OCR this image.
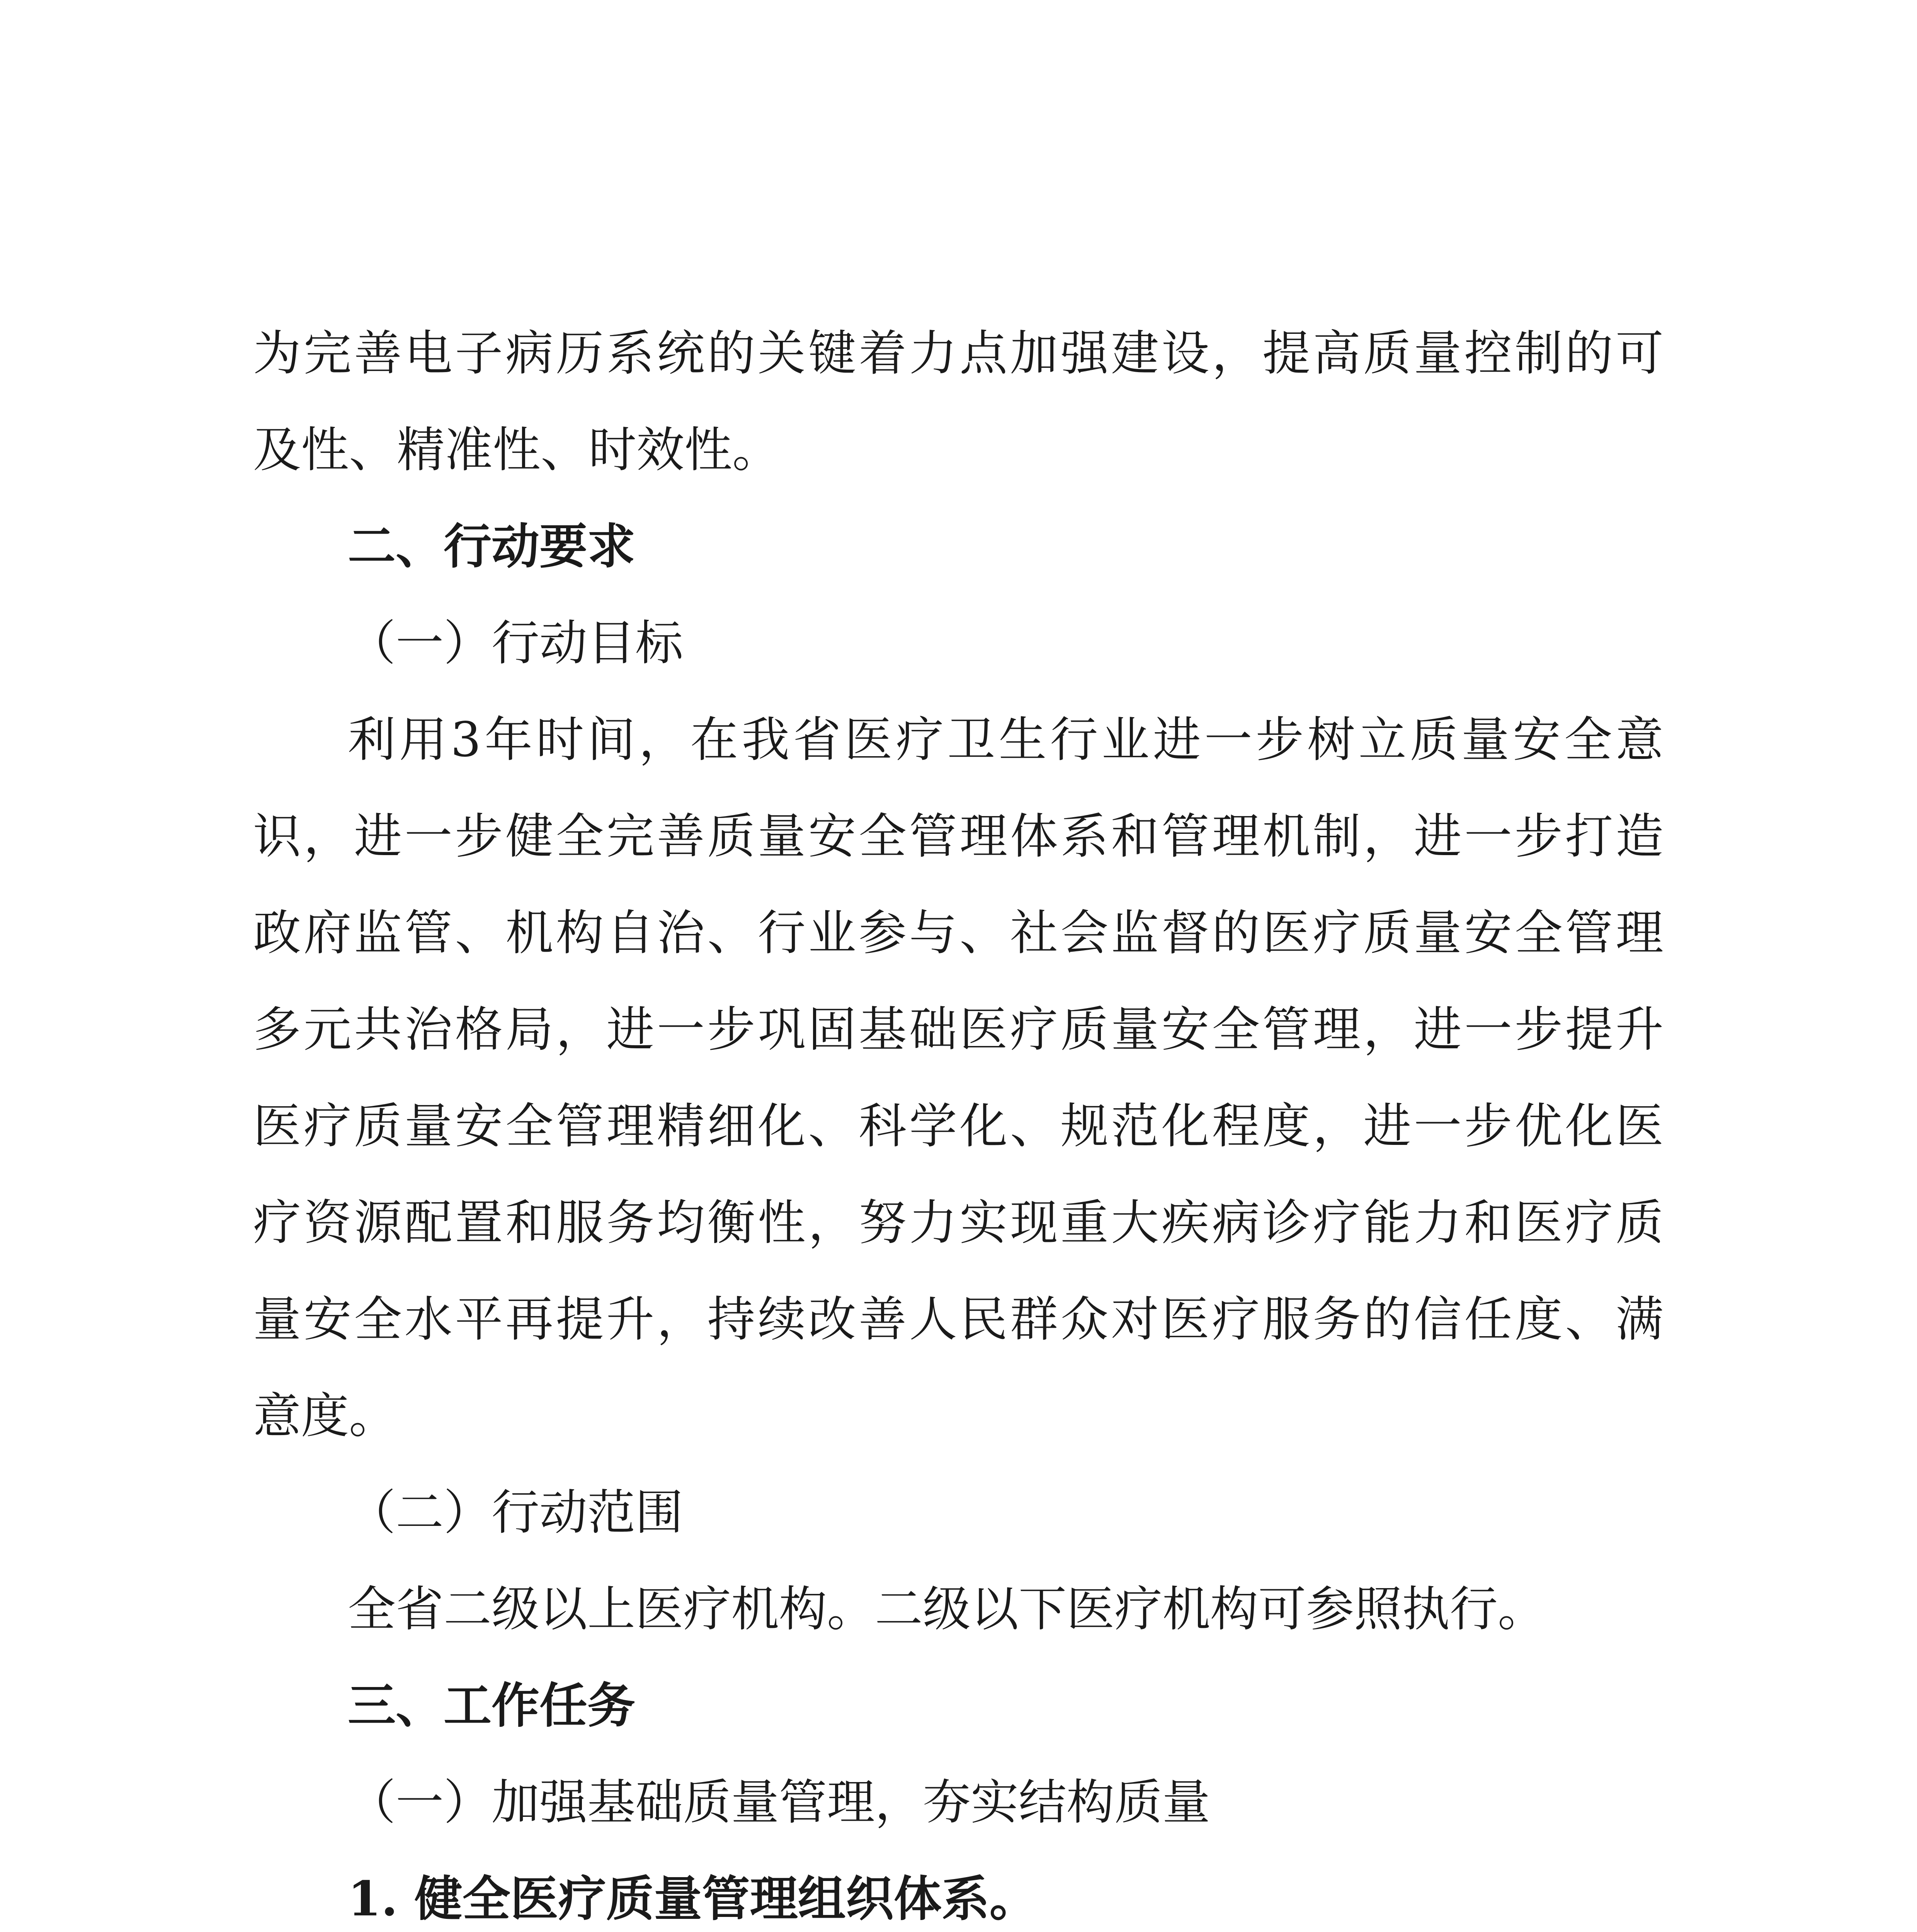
为完善电子病历系统的关键着力点加强建设，提高质量控制的可
及性、精准性、时效性。
二、行动要求
（一）行动目标
利用3年时间，在我省医疗卫生行业进一步树立质量安全意
识，进一步健全完善质量安全管理体系和管理机制，进一步打造
政府监管、机构自治、行业参与、社会监督的医疗质量安全管理
多元共治格局，进一步巩固基础医疗质量安全管理，进一步提升
医疗质量安全管理精细化、科学化、规范化程度，进一步优化医
疗资源配置和服务均衡性，努力实现重大疾病诊疗能力和医疗质
量安全水平再提升，持续改善人民群众对医疗服务的信任度、满
意度。
（二）行动范围
全省二级以上医疗机构。二级以下医疗机构可参照执行。
三、工作任务
（一）加强基础质量管理，夯实结构质量
1. 健全医疗质量管理组织体系。
